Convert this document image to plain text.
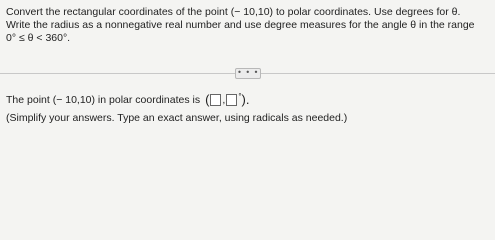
Convert the rectangular coordinates of the point (− 10,10) to polar coordinates. Use degrees for θ.
Write the radius as a nonnegative real number and use degree measures for the angle θ in the range
0° ≤ θ < 360°.
• • •
The point (− 10,10) in polar coordinates is ( , ° ).
(Simplify your answers. Type an exact answer, using radicals as needed.)
